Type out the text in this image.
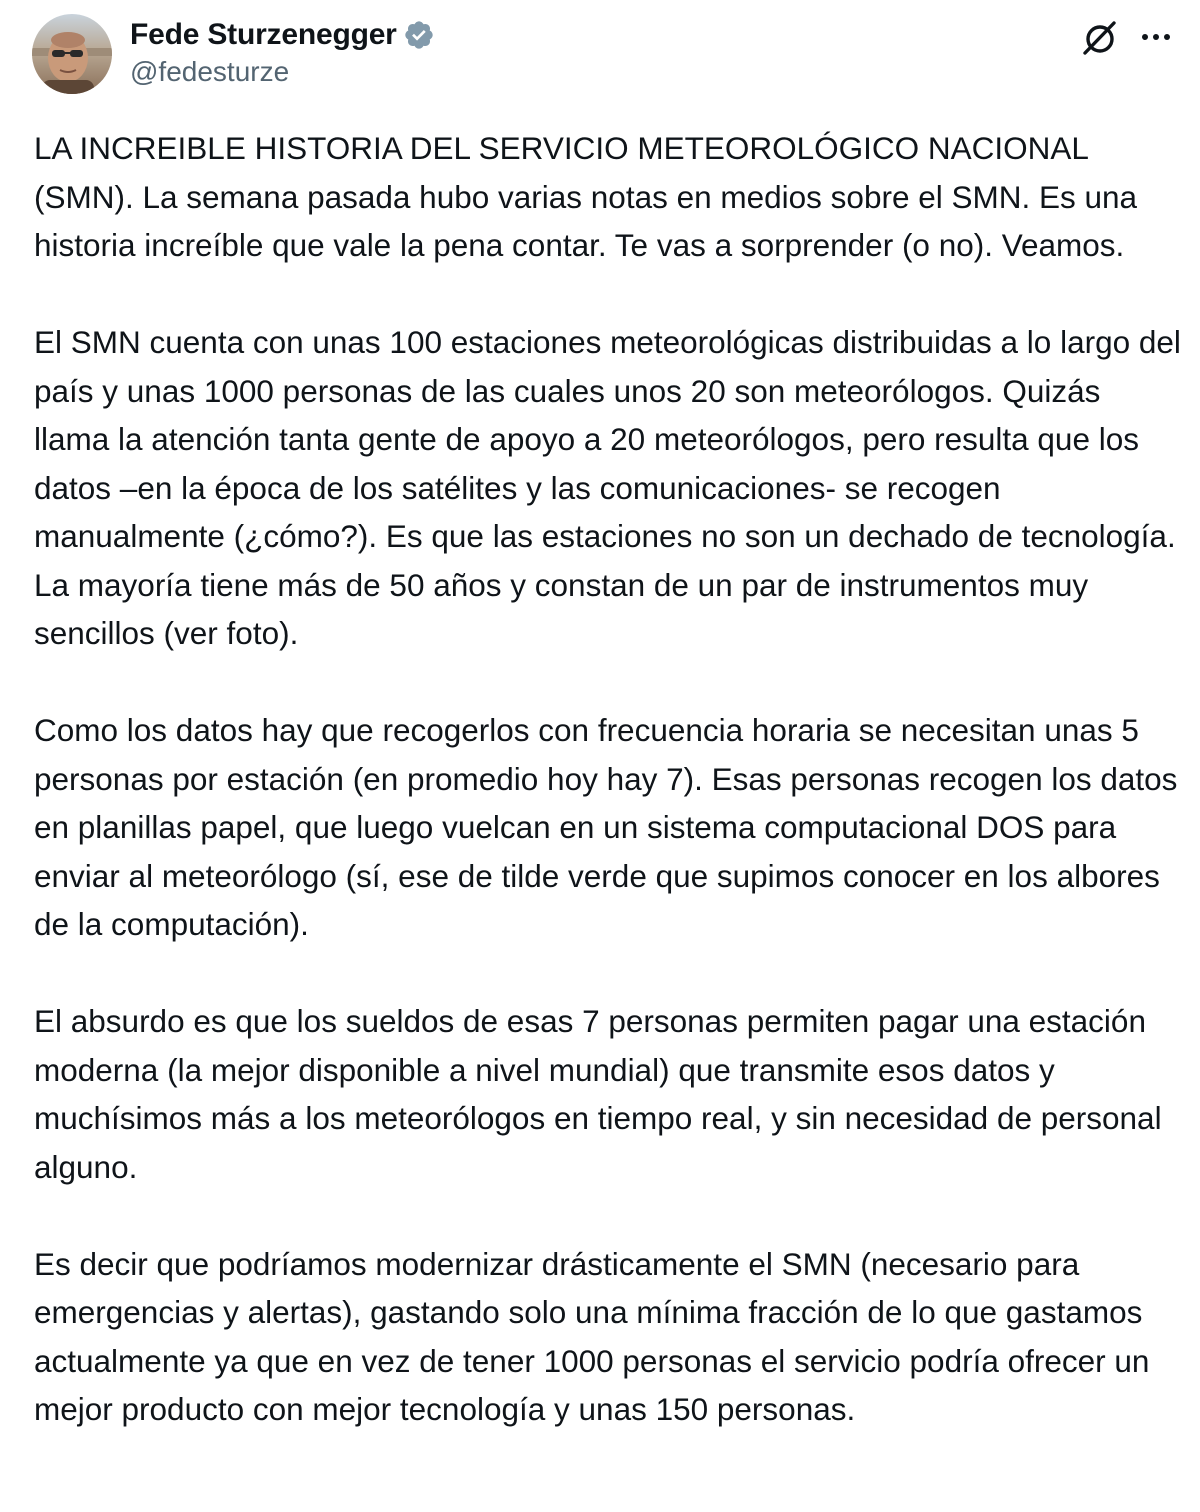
Fede Sturzenegger
@fedesturze

LA INCREIBLE HISTORIA DEL SERVICIO METEOROLÓGICO NACIONAL (SMN). La semana pasada hubo varias notas en medios sobre el SMN. Es una historia increíble que vale la pena contar. Te vas a sorprender (o no). Veamos.

El SMN cuenta con unas 100 estaciones meteorológicas distribuidas a lo largo del país y unas 1000 personas de las cuales unos 20 son meteorólogos. Quizás llama la atención tanta gente de apoyo a 20 meteorólogos, pero resulta que los datos –en la época de los satélites y las comunicaciones- se recogen manualmente (¿cómo?). Es que las estaciones no son un dechado de tecnología. La mayoría tiene más de 50 años y constan de un par de instrumentos muy sencillos (ver foto).

Como los datos hay que recogerlos con frecuencia horaria se necesitan unas 5 personas por estación (en promedio hoy hay 7). Esas personas recogen los datos en planillas papel, que luego vuelcan en un sistema computacional DOS para enviar al meteorólogo (sí, ese de tilde verde que supimos conocer en los albores de la computación).

El absurdo es que los sueldos de esas 7 personas permiten pagar una estación moderna (la mejor disponible a nivel mundial) que transmite esos datos y muchísimos más a los meteorólogos en tiempo real, y sin necesidad de personal alguno.

Es decir que podríamos modernizar drásticamente el SMN (necesario para emergencias y alertas), gastando solo una mínima fracción de lo que gastamos actualmente ya que en vez de tener 1000 personas el servicio podría ofrecer un mejor producto con mejor tecnología y unas 150 personas.
